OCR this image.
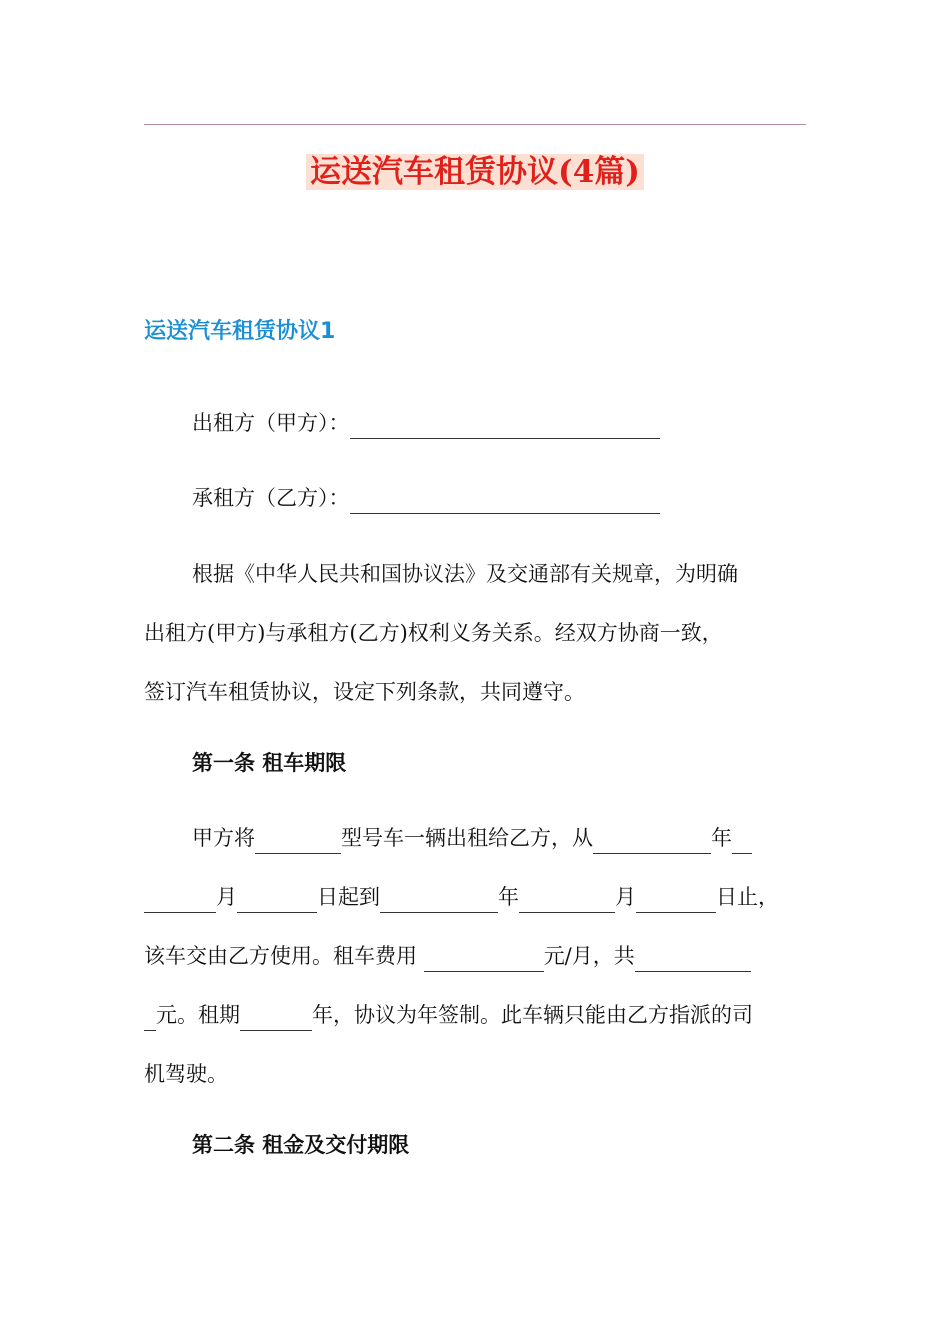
运送汽车租赁协议(4篇)
运送汽车租赁协议1
出租方（甲方）：
承租方（乙方）：
根据《中华人民共和国协议法》及交通部有关规章，为明确
出租方(甲方)与承租方(乙方)权利义务关系。经双方协商一致，
签订汽车租赁协议，设定下列条款，共同遵守。
第一条 租车期限
甲方将	型号车一辆出租给乙方，从	年
月	日起到	年	月	日止，
该车交由乙方使用。租车费用	元/月，共
元。租期	年，协议为年签制。此车辆只能由乙方指派的司
机驾驶。
第二条 租金及交付期限
